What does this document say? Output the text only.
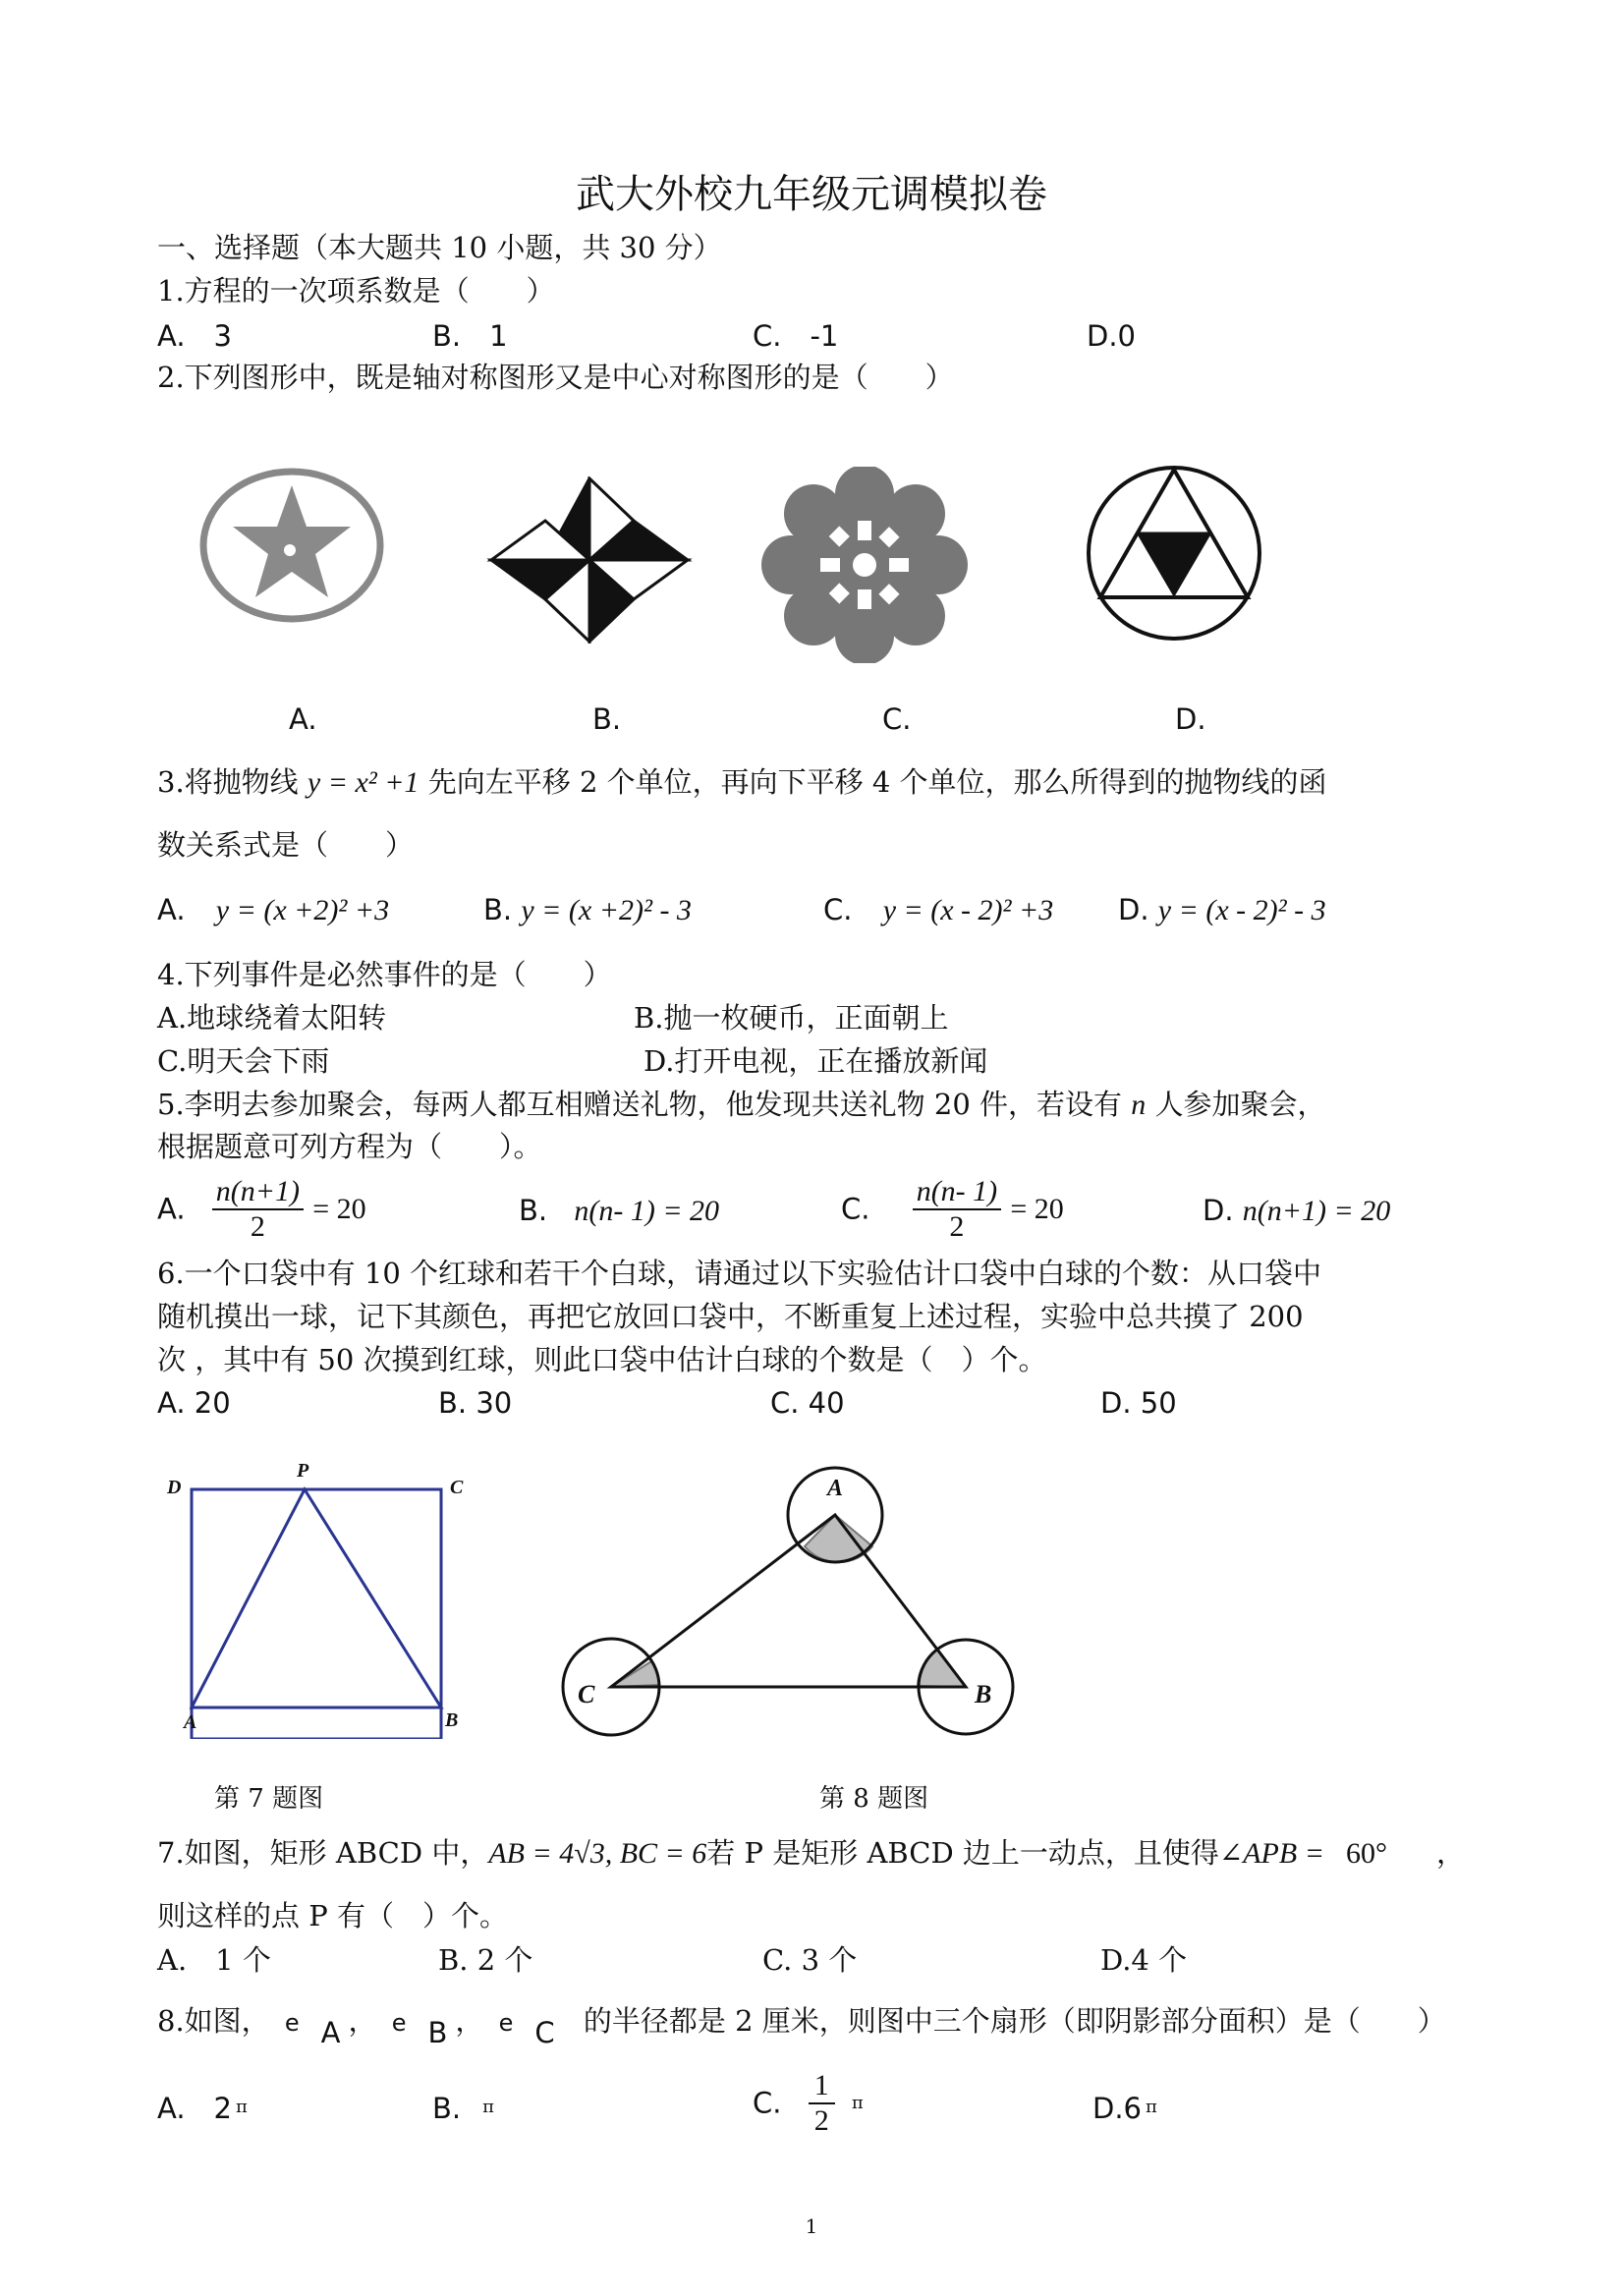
武大外校九年级元调模拟卷
一、选择题（本大题共 10 小题，共 30 分）
1.方程的一次项系数是（　　）
A.　3	B.　1	C.　-1	D.0
2.下列图形中，既是轴对称图形又是中心对称图形的是（　　）
A.	B.	C.	D.
3.将抛物线 y = x² +1 先向左平移 2 个单位，再向下平移 4 个单位，那么所得到的抛物线的函
数关系式是（　　）
A. y = (x +2)² +3	B. y = (x +2)² - 3	C. y = (x - 2)² +3 D. y = (x - 2)² - 3
4.下列事件是必然事件的是（　　）
A.地球绕着太阳转	B.抛一枚硬币，正面朝上
C.明天会下雨	D.打开电视，正在播放新闻
5.李明去参加聚会，每两人都互相赠送礼物，他发现共送礼物 20 件，若设有 n 人参加聚会，
根据题意可列方程为（　　）。
A. $\frac{n(n+1)}{2} = 20$	B. n(n- 1) = 20	C. $\frac{n(n- 1)}{2} = 20$	D. n(n+1) = 20
6.一个口袋中有 10 个红球和若干个白球，请通过以下实验估计口袋中白球的个数：从口袋中
随机摸出一球，记下其颜色，再把它放回口袋中，不断重复上述过程，实验中总共摸了 200
次 ，其中有 50 次摸到红球，则此口袋中估计白球的个数是（　）个。
A. 20	B. 30	C. 40	D. 50
D
P
C
A	B
第 7 题图
A
C	B
第 8 题图
7.如图，矩形 ABCD 中，AB = 4√3, BC = 6若 P 是矩形 ABCD 边上一动点，且使得∠APB = 60° ，
则这样的点 P 有（　）个。
A.　1 个	B. 2 个	C. 3 个	D.4 个
8.如图， e A ， e B ， e C 的半径都是 2 厘米，则图中三个扇形（即阴影部分面积）是（　　）
A.　2 $^\pi$	B. $^\pi$	C. $\frac{1}{2}$ π	D.6 $^\pi$
1
